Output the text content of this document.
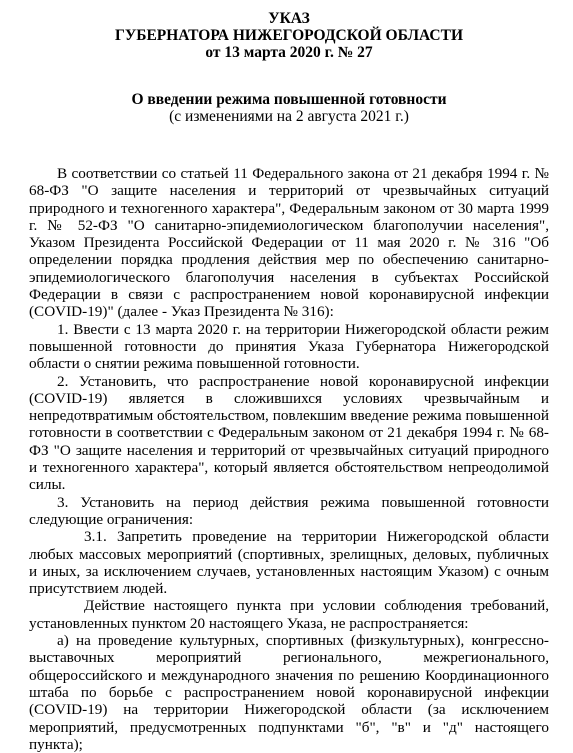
УКАЗ
ГУБЕРНАТОРА НИЖЕГОРОДСКОЙ ОБЛАСТИ
от 13 марта 2020 г. № 27
О введении режима повышенной готовности
(с изменениями на 2 августа 2021 г.)

В соответствии со статьей 11 Федерального закона от 21 декабря 1994 г. № 68-ФЗ "О защите населения и территорий от чрезвычайных ситуаций природного и техногенного характера", Федеральным законом от 30 марта 1999 г. № 52-ФЗ "О санитарно-эпидемиологическом благополучии населения", Указом Президента Российской Федерации от 11 мая 2020 г. № 316 "Об определении порядка продления действия мер по обеспечению санитарно-эпидемиологического благополучия населения в субъектах Российской Федерации в связи с распространением новой коронавирусной инфекции (COVID-19)" (далее - Указ Президента № 316):

1. Ввести с 13 марта 2020 г. на территории Нижегородской области режим повышенной готовности до принятия Указа Губернатора Нижегородской области о снятии режима повышенной готовности.

2. Установить, что распространение новой коронавирусной инфекции (COVID-19) является в сложившихся условиях чрезвычайным и непредотвратимым обстоятельством, повлекшим введение режима повышенной готовности в соответствии с Федеральным законом от 21 декабря 1994 г. № 68-ФЗ "О защите населения и территорий от чрезвычайных ситуаций природного и техногенного характера", который является обстоятельством непреодолимой силы.

3. Установить на период действия режима повышенной готовности следующие ограничения:

3.1. Запретить проведение на территории Нижегородской области любых массовых мероприятий (спортивных, зрелищных, деловых, публичных и иных, за исключением случаев, установленных настоящим Указом) с очным присутствием людей.

Действие настоящего пункта при условии соблюдения требований, установленных пунктом 20 настоящего Указа, не распространяется:

а) на проведение культурных, спортивных (физкультурных), конгрессно-выставочных мероприятий регионального, межрегионального, общероссийского и международного значения по решению Координационного штаба по борьбе с распространением новой коронавирусной инфекции (COVID-19) на территории Нижегородской области (за исключением мероприятий, предусмотренных подпунктами "б", "в" и "д" настоящего пункта);
